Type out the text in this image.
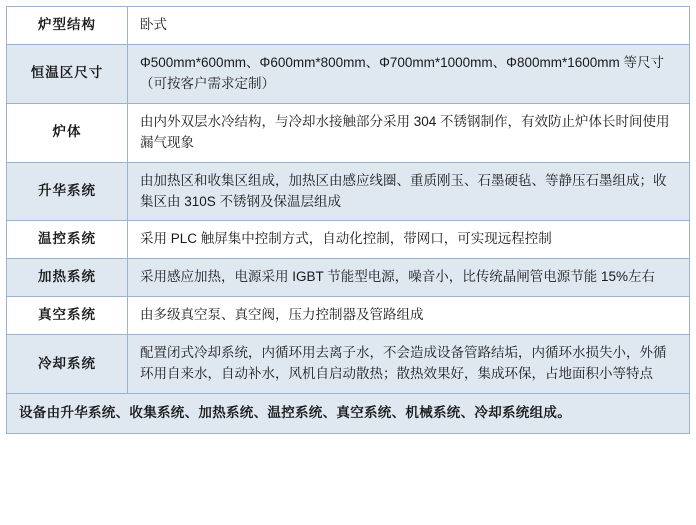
炉型结构	卧式
恒温区尺寸	Φ500mm*600mm、Φ600mm*800mm、Φ700mm*1000mm、Φ800mm*1600mm 等尺寸（可按客户需求定制）
炉体	由内外双层水冷结构，与冷却水接触部分采用 304 不锈钢制作，有效防止炉体长时间使用漏气现象
升华系统	由加热区和收集区组成，加热区由感应线圈、重质刚玉、石墨硬毡、等静压石墨组成；收集区由 310S 不锈钢及保温层组成
温控系统	采用 PLC 触屏集中控制方式，自动化控制，带网口，可实现远程控制
加热系统	采用感应加热，电源采用 IGBT 节能型电源，噪音小，比传统晶闸管电源节能 15%左右
真空系统	由多级真空泵、真空阀，压力控制器及管路组成
冷却系统	配置闭式冷却系统，内循环用去离子水，不会造成设备管路结垢，内循环水损失小，外循环用自来水，自动补水，风机自启动散热；散热效果好，集成环保，占地面积小等特点
设备由升华系统、收集系统、加热系统、温控系统、真空系统、机械系统、冷却系统组成。	
